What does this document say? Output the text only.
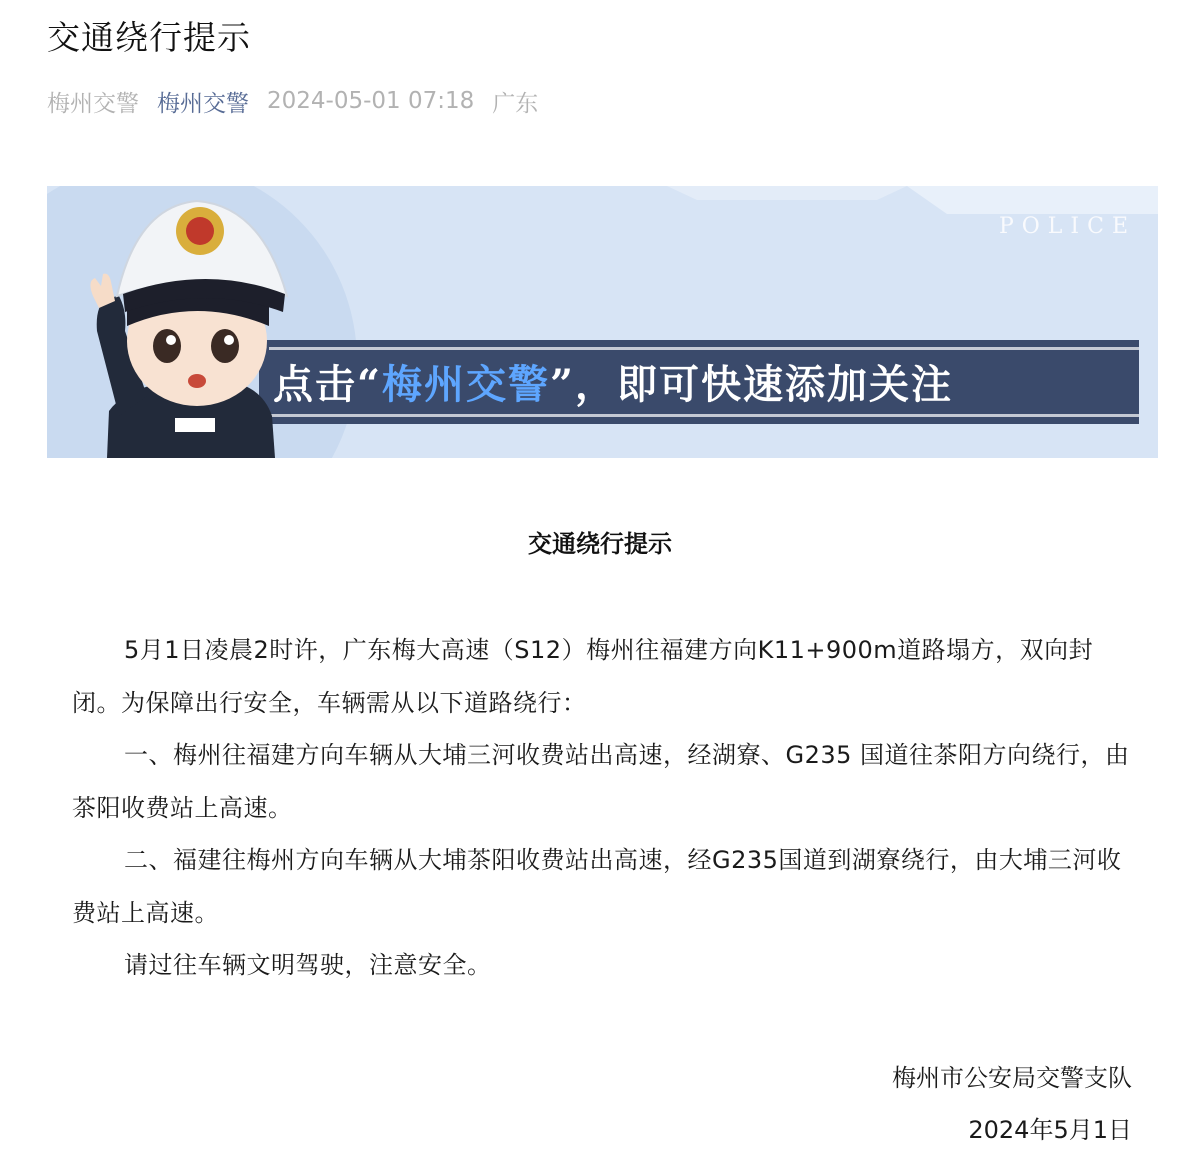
交通绕行提示
梅州交警 梅州交警 2024-05-01 07:18 广东
POLICE
点击“ 梅州交警 ”，即可快速添加关注
交通绕行提示

5月1日凌晨2时许，广东梅大高速（S12）梅州往福建方向K11+900m道路塌方，双向封闭。为保障出行安全，车辆需从以下道路绕行：

一、梅州往福建方向车辆从大埔三河收费站出高速，经湖寮、G235 国道往茶阳方向绕行，由茶阳收费站上高速。

二、福建往梅州方向车辆从大埔茶阳收费站出高速，经G235国道到湖寮绕行，由大埔三河收费站上高速。

请过往车辆文明驾驶，注意安全。

梅州市公安局交警支队
2024年5月1日
